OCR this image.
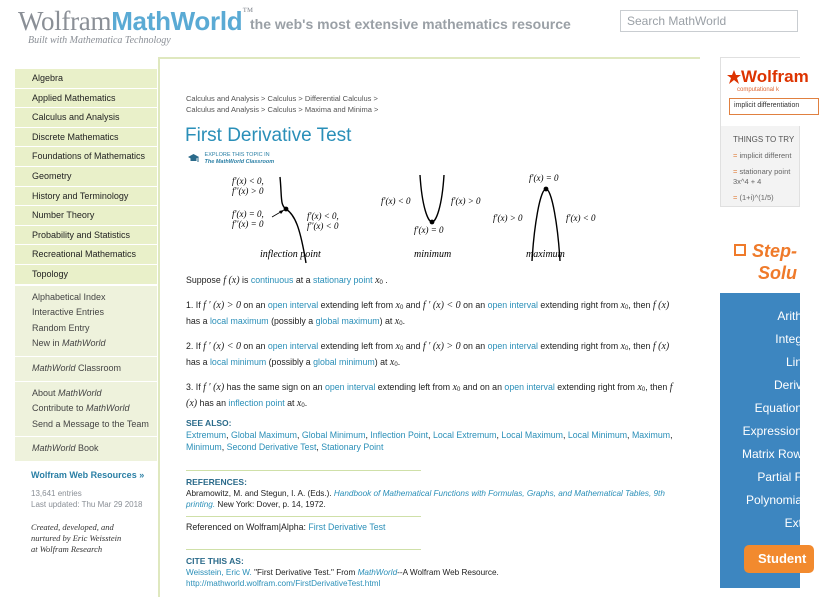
WolframMathWorld™
the web's most extensive mathematics resource
Built with Mathematica Technology
Search MathWorld
Algebra
Applied Mathematics
Calculus and Analysis
Discrete Mathematics
Foundations of Mathematics
Geometry
History and Terminology
Number Theory
Probability and Statistics
Recreational Mathematics
Topology
Alphabetical Index
Interactive Entries
Random Entry
New in MathWorld
MathWorld Classroom
About MathWorld
Contribute to MathWorld
Send a Message to the Team
MathWorld Book
Wolfram Web Resources »
13,641 entries
Last updated: Thu Mar 29 2018
Created, developed, and
nurtured by Eric Weisstein
at Wolfram Research
Calculus and Analysis > Calculus > Differential Calculus >
Calculus and Analysis > Calculus > Maxima and Minima >
First Derivative Test

EXPLORE THIS TOPIC IN
The MathWorld Classroom
f′(x) < 0,
f′′(x) > 0
f′(x) = 0,
f′′(x) = 0
f′(x) < 0,
f′′(x) < 0
inflection point
f′(x) < 0	f′(x) > 0
f′(x) = 0
minimum
f′(x) = 0
f′(x) > 0	f′(x) < 0
maximum

Suppose f (x) is continuous at a stationary point x0 .

1. If f ′ (x) > 0 on an open interval extending left from x0 and f ′ (x) < 0 on an open interval extending right from x0, then f (x) has a local maximum (possibly a global maximum) at x0.

2. If f ′ (x) < 0 on an open interval extending left from x0 and f ′ (x) > 0 on an open interval extending right from x0, then f (x) has a local minimum (possibly a global minimum) at x0.

3. If f ′ (x) has the same sign on an open interval extending left from x0 and on an open interval extending right from x0, then f (x) has an inflection point at x0.

SEE ALSO:
Extremum, Global Maximum, Global Minimum, Inflection Point, Local Extremum, Local Maximum, Local Minimum, Maximum, Minimum, Second Derivative Test, Stationary Point
REFERENCES:
Abramowitz, M. and Stegun, I. A. (Eds.). Handbook of Mathematical Functions with Formulas, Graphs, and Mathematical Tables, 9th printing. New York: Dover, p. 14, 1972.
Referenced on Wolfram|Alpha: First Derivative Test
CITE THIS AS:
Weisstein, Eric W. "First Derivative Test." From MathWorld--A Wolfram Web Resource.
http://mathworld.wolfram.com/FirstDerivativeTest.html
Wolfram
computational k
implicit differentiation
THINGS TO TRY
= implicit different
= stationary point
3x^4 + 4
= (1+i)^(1/5)
Step-
Solu
Arith
Integ
Lin
Deriv
Equation
Expression
Matrix Row
Partial F
Polynomia
Ext
Student
